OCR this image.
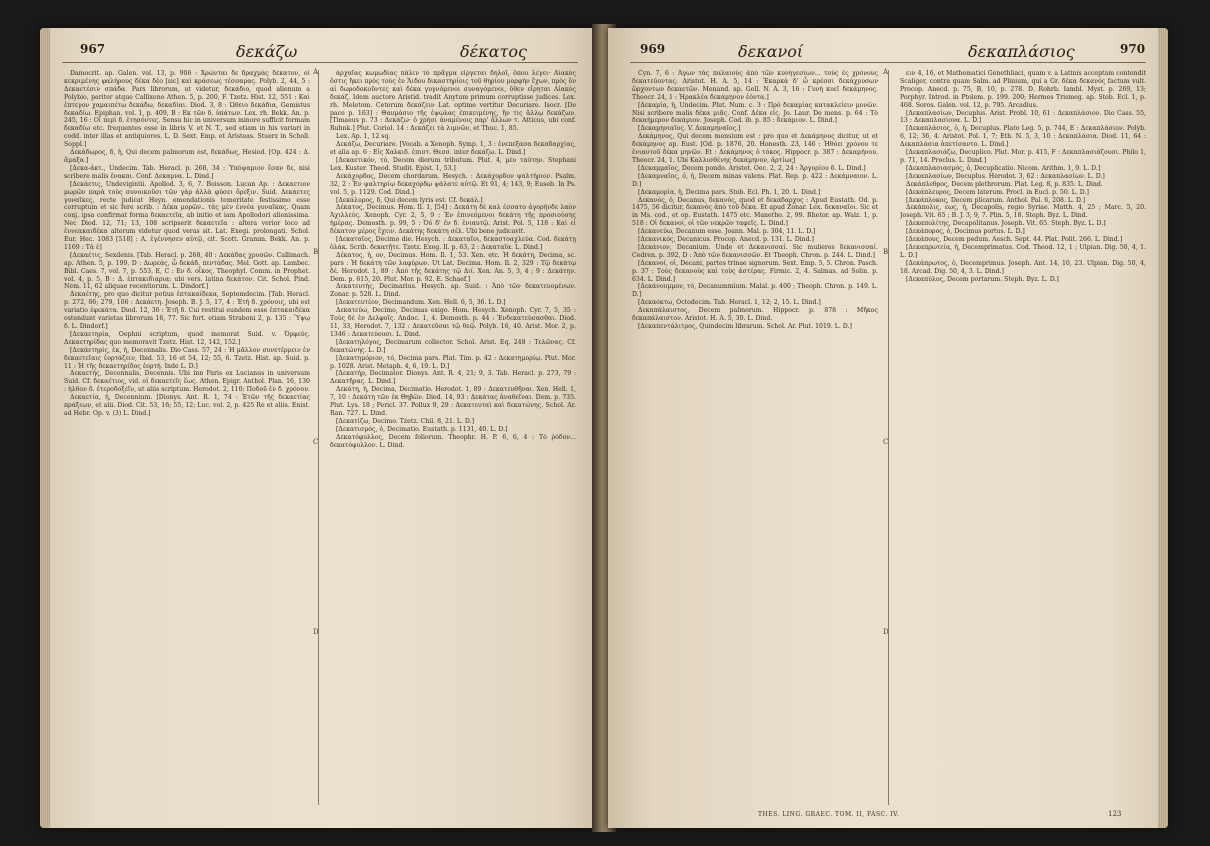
967	δεκάζω	δέκατος

Damocrit. ap. Galen. vol. 13, p. 906 : Χρώνται δε δραχμάς δέκατον, οἱ κεκριμένης φαλήρους δέκα δέο [sic] καὶ κράσεως τέσσαρας. Polyb. 2, 44, 5 : Δεκαετέσιν σπάδα. Pars librorum, ut videtur, δεκάδιο, quod alienum a Polybio, pariter atque Callixeno Athen. 5, p. 200, F. Tzetz. Hist. 12, 551 : Καὶ ἐπτεγον χαμαιπέτω δεκάδω, δεκαδίαι. Diod. 3, 8 : Ώθειο δεκάδια, Gemistus δεκαδίω. Epiphan. vol. 1, p. 409, B : Εκ τῶν δ. ὑπάτων. Lex. rh. Bekk. An. p. 245, 16 : Οἱ περὶ δ. ἐτησόντες. Sensu hic in universum minore sufficit formam δεκαδίω etc. frequentes esse in libris V. et N. T., sed etiam in his variari in codd. inter illas et antiquiores. L. D. Sext. Emp. et Aristeas. Stuerz in Scholl. Soppl.]

Δεκάδωρος, δ, ἡ, Qui decem palmorum est, δεκάδως, Hesiod. [Op. 424 : Δ. ἄμαξα.]

[Δεκα-ἀκτ., Undecim. Tab. Heracl. p. 268, 34 : Ὑπόψαμιον ἔσαν δε, nisi scribere malis ἑνακαι. Conf. Δεκαμνα. L. Dind.]

[Δεκάετις, Undevigintii. Apollod. 3, 6, 7. Boisson. Lucan Ap. : Δεκαετιον μωρῶν παρὰ τοὺς συνοικοῦσι τῶν γὰρ ἀλλὰ φύσει ὄρεξιν. Suid. Δεκάετες γυναῖκες, recte judicat Heyn. emendationis temeritate festissimo esse corruptum et sic fere scrib. : Δέκα μορῶν.. τὰς μὲν ἐννέα γυναῖκας. Quam conj. ipsa confirmat forma δεκαετεῖα, ab initio et iam Apollodori alienissima. Nec Diod. 12, 71; 13, 108 scripserit δεκαετεῖα : altera verior loco ad ἐννεακαιδέκα alterum videtur quod veras sit. Lat. Exegi. prolongati. Schol. Eur. Hec. 1083 [518] : Α. ἐγέννησεν αὐτῷ, cit. Scott. Gramm. Bekk. An. p. 1169 : Τὰ ἐ]

[Δεκαέτις, Sexdenis. [Tab. Heracl. p. 268, 40 : Δεκάδας χρυσῶν. Callimach. ap. Athen. 5, p. 199, D : Δωρεάς, ὦ δεκάδ. πεντάδας. Mel. Gott. ap. Lambec. Bibl. Caes. 7, vol. 7, p. 553, E, C : Εν δ. οἶκος. Theophyl. Comm. in Prophet. vol. 4, p. 5, B : Δ. ἑπτακιδιαρια; ubi vers. latina δεκάτον. Cit. Schol. Pind. Nem. 11, 62 aliquae recentiorum. L. Dindorf.]

Δεκαέτης, pro quo dicitur potius ἑπτακαίδεκα, Septemdecim. [Tab. Heracl. p. 272, 86; 279, 106 : Δεκάετη. Joseph. B. J. 5, 17, 4 : Ἐτὴ δ. χρόνοις, ubi est variatio ἑφεκάτα. Diod. 12, 36 : Ἐτῆ δ. Cui restitui eundem esse ἑπτακαιδέκα ostendunt varietas librorum 16, 77. Sic fort. etiam Straboni 2, p. 135 : Ὕψῳ δ. L. Dindorf.]

[Δεκαετηρία, Oephni scriptum, quod memorat Suid. v. Ὀρφεύς. Δεκαετηρίδας quo memoravit Tzetz. Hist. 12, 142, 152.]

[Δεκάετηρίς, ἑκ, ἡ, Decennalis. Dio Cass. 57, 24 : Ἡ μᾶλλον συνετέρρειν ἐν δεκαετεῖαις ἑορτάζειν, Ibid. 53, 16 et 54, 12; 55, 6. Tzetz. Hist. ap. Suid. p. 11 : Ἡ τῆς δεκαετηρίδος ἑορτὴ. Inde L. D.]

Δεκαετής, Decennalis, Decennis. Ubi inn Paris ex Lucianus in universum Suid. Cf. δεκαέτιος, vid. οἱ δεκαετεῖς ἕως. Athen. Epigr. Anthol. Plan. 16, 130 : ἠλθον δ. ἐτεροδοξεῖν, ut aliis scriptum. Herodot. 2, 110: Ποδοῦ ἐν δ. χρόνον.

Δεκαετία, ἡ, Decennium. [Dionys. Ant. R. 1, 74 : Ἐτῶν τῆς δεκαετίας πράξεων, et alii. Diod. Cit. 53, 16; 55, 12; Luc. vol. 2, p. 425 Re et aliis. Enist. ad Hebr. Op. v. (3) L. Dind.]

A
B
C
D

ἀρχαῖας κωμωδίας πάλιν τὸ πρᾶγμα εἶργεται δηλοῖ, ὅπου λέγει· Αἱακὸς ὅστις ἤκει πρὸς τοὺς ἐν Ἅιδου δικαστηρίοις τοῦ θηρίου μορφὴν ἔχων, πρὸς ὃν αἱ δωροδοκοῦντες καὶ δέκα γυγνόμενοι συναγόμενοι, ὅθεν εἴρηται Αἰακὸς δεκάζ. Idem auctore Aristid. tradit Anytum primum corruptisse judices. Lex. rh. Meletom. Ceterum δεκάζειν Lat. optime vertitur Decuriare. Isocr. [De pace p. 163] : Θαυμάσιο τῆς ἐψωλας ἐπικειμένης, ἥν τις ἄλλῳ δεκάζων. [Timaeus p. 73 : Δεκάζω· ὁ χρήσι ἀναμένοις παρ' ἄλλων τ. Atticus, ubi conf. Ruhnk.] Plut. Coriol. 14 : Δεκάζει τὰ λιμνῶν, et Thuc. 1, 85.

Lex. Ap. 1, 12 sq.

Δεκάζω, Decuriare. [Vocab. a Xenoph. Symp. 1, 3 : ἐνεπεξασα δεκαδαρχίας, et alia ap. 6 : Εἰς Χαλκιδ. ἐπιστ. Θεσσ. inter δεκάζω. L. Dind.]

[Δεκαετικόν, τὸ, Decem dierum tributum. Plut. 4, μὲν ταύτην. Stephani Lex. Kuster. Theod. Studit. Epist. 1, 53.]

Δεκάχορδος, Decem chordarum. Hesych. : Δεκάχορδον ψαλτήριον. Psalm. 32, 2 : Ἐν ψαλτηρίῳ δεκαχόρδῳ ψάλατε αὐτῷ. Et 91, 4; 143, 9; Euseb. In Ps. vol. 5, p. 1129. Cod. Dind.]

[Δεκάλυρος, δ, Qui decem lyris est. Cf. δεκάλ.]

Δέκατος, Decimus. Hom. Il. 1, [54] : Δεκάτη δὲ καλ έσσατο ἀγορήνδε λαὸν Ἀχιλλεύς. Xenoph. Cyr. 2, 5, 9 : Ἐν ἐπινεόμενοι δεκάτη τῆς προσιούσης ἡμέρας. Demosth. p. 99, 5 : Ὀὐ δ' ἑν δ. ἐνιαυτῷ. Arist. Pol. 5, 118 : Καὶ εἰ δέκατον μέρος ἔχειν. Δεκάτης δεκάτη σέλ. Ubi bene judicavit.

[Δεκαταῖος, Decimo die. Hesych. : Δεκαταῖοι, δεκαστοαχλεύα. Cod. δεκάτῃ ὀλάκ. Scrib. δεκατῆτε. Tzetz. Exeg. Il. p. 63, 2 : Δεκαταῖα. L. Dind.]

Δέκατος, ἡ, ον, Decimus. Hom. Il. 1, 53. Xen. etc. Ἡ δεκάτη, Decima, sc. pars : Ἡ δεκάτη τῶν λαφύρων. Ut Lat. Decima. Hom. Il. 2, 329 : Τῷ δεκάτῳ δέ. Herodot. 1, 89 : Ἀπὸ τῆς δεκάτης τῷ Διί. Xen. An. 5, 3, 4 ; 9 : Δεκάτην. Dem. p. 615, 20. Plut. Mor. p. 92. Ε. Schaef.]

Δεκατευτής, Decimarius. Hesych. ap. Suid. : Ἀπὸ τῶν δεκατευομένων. Zonar. p. 528. L. Dind.

[Δεκατευτέον, Decimandum. Xen. Hell. 6, 5, 36. L. D.]

Δεκατεύω, Decimo, Decimas exigo. Hom. Hesych. Xenoph. Cyr. 7, 5, 35 : Τοὺς δὲ ἐν Δελφοῖς. Andoc. 1, 4. Demosth. p. 44 : Ἐνδεκατεύσασθαι. Diod. 11, 33, Herodot. 7, 132 : Δεκατεῦσαι τῷ θεῷ. Polyb. 16, 40. Arist. Mor. 2, p. 1346 : Δεκατεύουσι. L. Dind.

[Δεκατηλόγος, Decimarum collector. Schol. Arist. Eq. 248 : Τελῶνας. Cf. δεκατώνης. L. D.]

[Δεκατημόριον, τό, Decima pars. Plat. Tim. p. 42 : Δεκατημορίῳ. Plut. Mor. p. 1028. Arist. Metaph. 4, 6, 19. L. D.]

[Δεκατήρ, Decimator. Dionys. Ant. R. 4, 21; 9, 3. Tab. Heracl. p. 273, 79 : Δεκατῆρας. L. Dind.]

Δεκάτη, ἡ, Decima, Decimatio. Herodot. 1, 89 : Δεκατευθῆναι. Xen. Hell. 1, 7, 10 : Δεκάτη τῶν ἐκ Θηβῶν. Diod. 14, 93 : Δεκάτας ἀναθεῖναι. Dem. p. 735. Plut. Lys. 18 ; Pericl. 37. Pollux 9, 29 : Δεκατευταὶ καὶ δεκατώνης. Schol. Ar. Ran. 727. L. Dind.

[Δεκατίζω, Decimo. Tzetz. Chil. 8, 21. L. D.]

[Δεκατισμός, ὁ, Decimatio. Eustath. p. 1131, 40. L. D.]

Δεκατόφυλλος, Decem foliorum. Theophr. H. P. 6, 6, 4 : Τὸ ῥόδον... δεκατόφυλλον. L. Dind.

969	δεκανοί	δεκαπλάσιος	970

Cyn. 7, 6 : Ἀγων τὰς παλαιοὺς ἀπὸ τῶν κυνηγεσίων... τοὺς ἐς χρόνους δεκατεύοντας. Aristot. H. A. 5, 14 : Ἐκαρκὰ δ' ὦ κρέσσι δεκάχρυσων ὥρχοντων δεκαετῶν. Menand. ap. Gell. N. A. 3, 16 : Γυνὴ κυεῖ δεκάμηνος. Theocr. 24, 1 : Ἡρακλέα δεκάμηνον ἐόντα.]

[Δεκαμία, ἡ, Undecim. Plut. Num. c. 3 : Πρὸ δεκαμίας κατακλείειν μονῶν. Nisi scribere malis δέκα μιᾶς. Conf. Δέκα εἰς. Jo. Laur. De mens. p. 64 : Τὸ δεκαήμερον δεκάμιον. Joseph. Cod. ib. p. 85 : δεκάμιον. L. Dind.]

[Δεκαμηνιαῖος. V. Δεκαμηναῖος.]

Δεκάμηνος, Qui decem mensium est : pro quo et Δεκάμηνος dicitur, ut et δεκάμηνος ap. Eust. [Od. p. 1876, 20. Honesth. 23, 146 : Ἡθόει χρόνου τε ἐνιαυτοῦ δέκα μηνῶν. Et : Δεκάμηνος ὁ τόκος. Hippocr. p. 387 : Δεκαμήνου. Theocr. 24, 1. Ubi Καλλισθένης δεκάμηνον, ἀρτίως]

[Δεκαμμαῖος, Decem pondo. Aristot. Oec. 2, 2, 24 : Ἀργυρίου δ. L. Dind.]

[Δεκαμναῖος, ὁ, ἡ, Decem minas valens. Plat. Rep. p. 422 : Δεκάμναιον. L. D.]

[Δεκαμορία, ἡ, Decima pars. Stob. Ecl. Ph. 1, 20. L. Dind.]

Δεκανός, ὁ, Decanus, δεκανὸς, quod et δεκάδαρχος : Apud Eustath. Od. p. 1475, 56 dicitur, δεκανὸς ἀπὸ τοῦ δέκα. Et apud Zonar. Lex. δεκαναῖοι. Sic et in Ms. cod., et op. Eustath. 1475 etc. Manetho. 2, 99. Rhetor. ap. Walz. 1, p. 518 : Οἱ δεκανοί, οἱ τῶν νεκρῶν ταφεῖς. L. Dind.]

[Δεκανεύω, Decanum esse. Joann. Mal. p. 304, 11. L. D.]

[Δεκανικός, Decanicus. Procop. Anecd. p. 131. L. Dind.]

[Δεκάνιον, Decanium. Unde et Δεκανισσαί. Sic mulieres δεκανισσαί. Cedren. p. 392, D : Ἀπὸ τῶν δεκανισσῶν. Et Theoph. Chron. p. 244. L. Dind.]

[Δεκανοί, οἱ, Decani, partes trinae signorum. Sext. Emp. 5, 5. Chron. Pasch. p. 37 : Τοὺς δεκανοὺς καὶ τοὺς ἀστέρας. Firmic. 2, 4. Salmas. ad Solin. p. 634. L. Dind.]

[Δεκάνουμμον, τό, Decanummium. Malal. p. 400 ; Theoph. Chron. p. 149. L. D.]

[Δεκαόκτω, Octodecim. Tab. Heracl. 1, 12; 2, 15. L. Dind.]

Δεκαπάλαιστος, Decem palmorum. Hippocr. p. 878 : Μῆκος δεκαπάλαιστον. Aristot. H. A. 5, 30. L. Dind.

[Δεκαπεντάλιτρος, Quindecim librarum. Schol. Ar. Plut. 1019. L. D.]

A
B
C
D

ειν 4, 16, et Mathematici Genethliaci, quam v. a Latinis acceptam contendit Scaliger, contra quam Salm. ad Plinium, qui a Gr. δέκα δεκανός factum vult. Procop. Anecd. p. 75, B, 10, p. 278. D. Rohrb. Iambl. Myst. p. 269, 13; Porphyr. Introd. in Ptolem. p. 199. 200; Hermes Trismeg. ap. Stob. Ecl. 1, p. 468. Soros. Galen. vol. 12, p. 795. Arcadius.

[Δεκαπλασίων, Decuplus. Arist. Probl. 10, 61 : Δεκαπλάσιον. Dio Cass. 55, 13 : Δεκαπλασίονα. L. D.]

[Δεκαπλάσιος, ὁ, ἡ, Decuplus. Plato Leg. 5, p. 744, E : Δεκαπλάσιον. Polyb. 6, 12; 36, 4. Aristot. Pol. 1, 7; Eth. N. 5, 3, 10 : Δεκαπλάσια. Diod. 11, 64 : Δεκαπλάσια ἀπετίσαντο. L. Dind.]

[Δεκαπλασιάζω, Decuplico. Plut. Mor. p. 415, F : Δεκαπλασιάζουσι. Philo 1, p. 71, 14. Proclus. L. Dind.]

[Δεκαπλασιασμός, ὁ, Decuplicatio. Nicom. Arithm. 1, 9. L. D.]

[Δεκαπλασίων, Decuplus. Herodot. 3, 62 : Δεκαπλασίων. L. D.]

Δεκάπλεθρος, Decem plethrorum. Plat. Leg. 8, p. 835. L. Dind.

[Δεκάπλευρος, Decem laterum. Procl. in Eucl. p. 50. L. D.]

[Δεκάπλοκος, Decem plicarum. Anthol. Pal. 6, 208. L. D.]

Δεκάπολις, εως, ἡ, Decapolis, regio Syriae. Matth. 4, 25 ; Marc. 5, 20. Joseph. Vit. 65 ; B. J. 3, 9, 7. Plin. 5, 18. Steph. Byz. L. Dind.

[Δεκαπολίτης, Decapolitanus. Joseph. Vit. 65. Steph. Byz. L. D.]

[Δεκάπορος, ὁ, Decimus portus. L. D.]

[Δεκάπους, Decem pedum. Aesch. Sept. 44. Plat. Polit. 266. L. Dind.]

[Δεκαπρωτεία, ἡ, Decemprimatus. Cod. Theod. 12, 1 ; Ulpian. Dig. 50, 4, 1. L. D.]

[Δεκάπρωτος, ὁ, Decemprimus. Joseph. Ant. 14, 10, 23. Ulpian. Dig. 50, 4, 18. Arcad. Dig. 50, 4, 3. L. Dind.]

[Δεκαπύλος, Decem portarum. Steph. Byz. L. D.]

THES. LING. GRAEC. TOM. II, FASC. IV.	123
